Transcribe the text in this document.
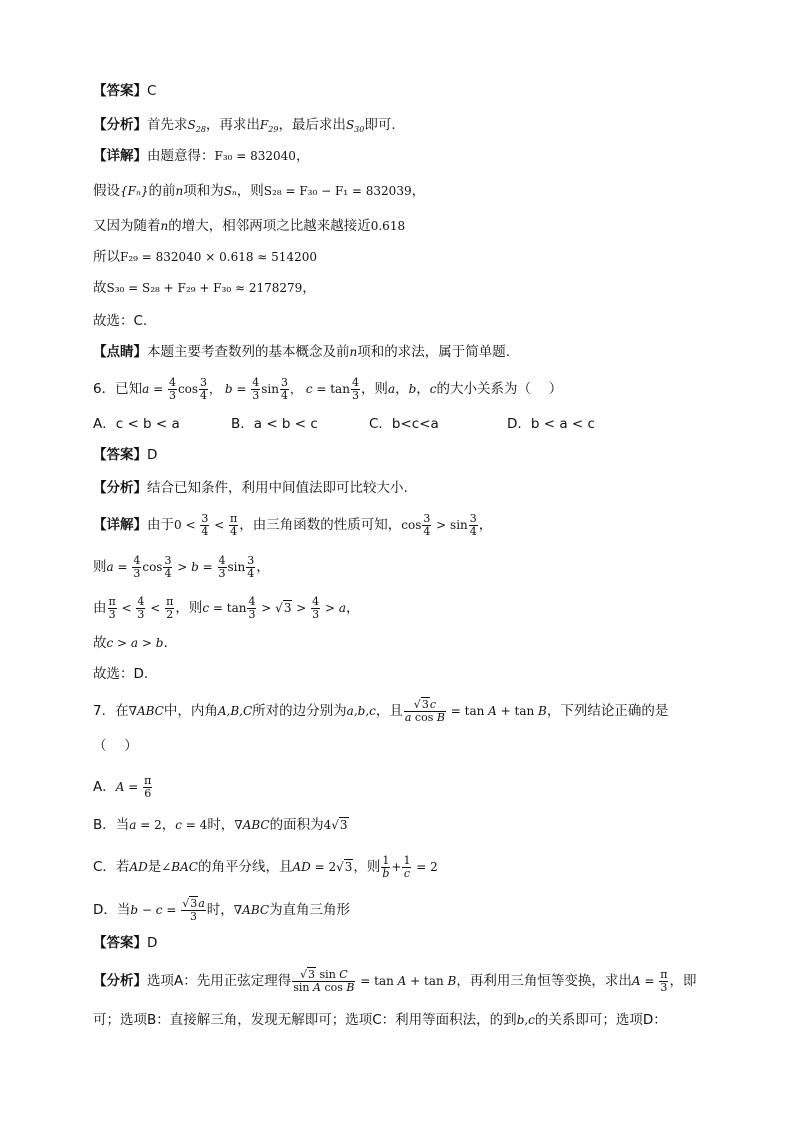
【答案】C
【分析】首先求$S_{28}$，再求出$F_{29}$，最后求出$S_{30}$即可.
【详解】由题意得：F₃₀ = 832040，
假设{Fₙ}的前n项和为Sₙ，则S₂₈ = F₃₀ − F₁ = 832039，
又因为随着n的增大，相邻两项之比越来越接近0.618
所以F₂₉ = 832040 × 0.618 ≈ 514200
故S₃₀ = S₂₈ + F₂₉ + F₃₀ ≈ 2178279，
故选：C.
【点睛】本题主要考查数列的基本概念及前n项和的求法，属于简单题.
6．已知$a = \frac{4}{3}$ $\cos \frac{3}{4}$ ， $b = \frac{4}{3}$ $\sin \frac{3}{4}$ ， $c = \tan \frac{4}{3}$ ，则a，b，c的大小关系为（　 ）
A．c < b < a	B．a < b < c	C．b<c<a	D．b < a < c
【答案】D
【分析】结合已知条件，利用中间值法即可比较大小.
【详解】由于$0 < \frac{3}{4} < \frac{\pi}{4}$ ，由三角函数的性质可知，$\cos \frac{3}{4} > \sin \frac{3}{4}$ ，
则$a = \frac{4}{3}$ $\cos \frac{3}{4} > b = \frac{4}{3}$ $\sin \frac{3}{4}$ ，
由 $\frac{\pi}{3} < \frac{4}{3} < \frac{\pi}{2}$ ，则$c = \tan \frac{4}{3} > √3 > \frac{4}{3} > a$，
故c > a > b.
故选：D.
7．在∇ABC中，内角A,B,C所对的边分别为a,b,c，且 $\frac{√3c}{\text{a cos B}} = \tan A + \tan B$，下列结论正确的是
（　 ）
A．$A = \frac{\pi}{6}$
B．当a = 2，c = 4时，∇ABC的面积为4√3
C．若AD是∠BAC的角平分线，且AD = 2√3，则 $\frac{1}{b} + \frac{1}{c} = 2$
D．当$b - c = \frac{√3a}{3}$ 时，∇ABC为直角三角形
【答案】D
【分析】选项A：先用正弦定理得 $\frac{\text{√3 sin C}}{\text{sin A cos B}} = \tan A + \tan B$，再利用三角恒等变换，求出$A = \frac{\pi}{3}$ ，即
可；选项B：直接解三角，发现无解即可；选项C：利用等面积法，的到b,c的关系即可；选项D：
